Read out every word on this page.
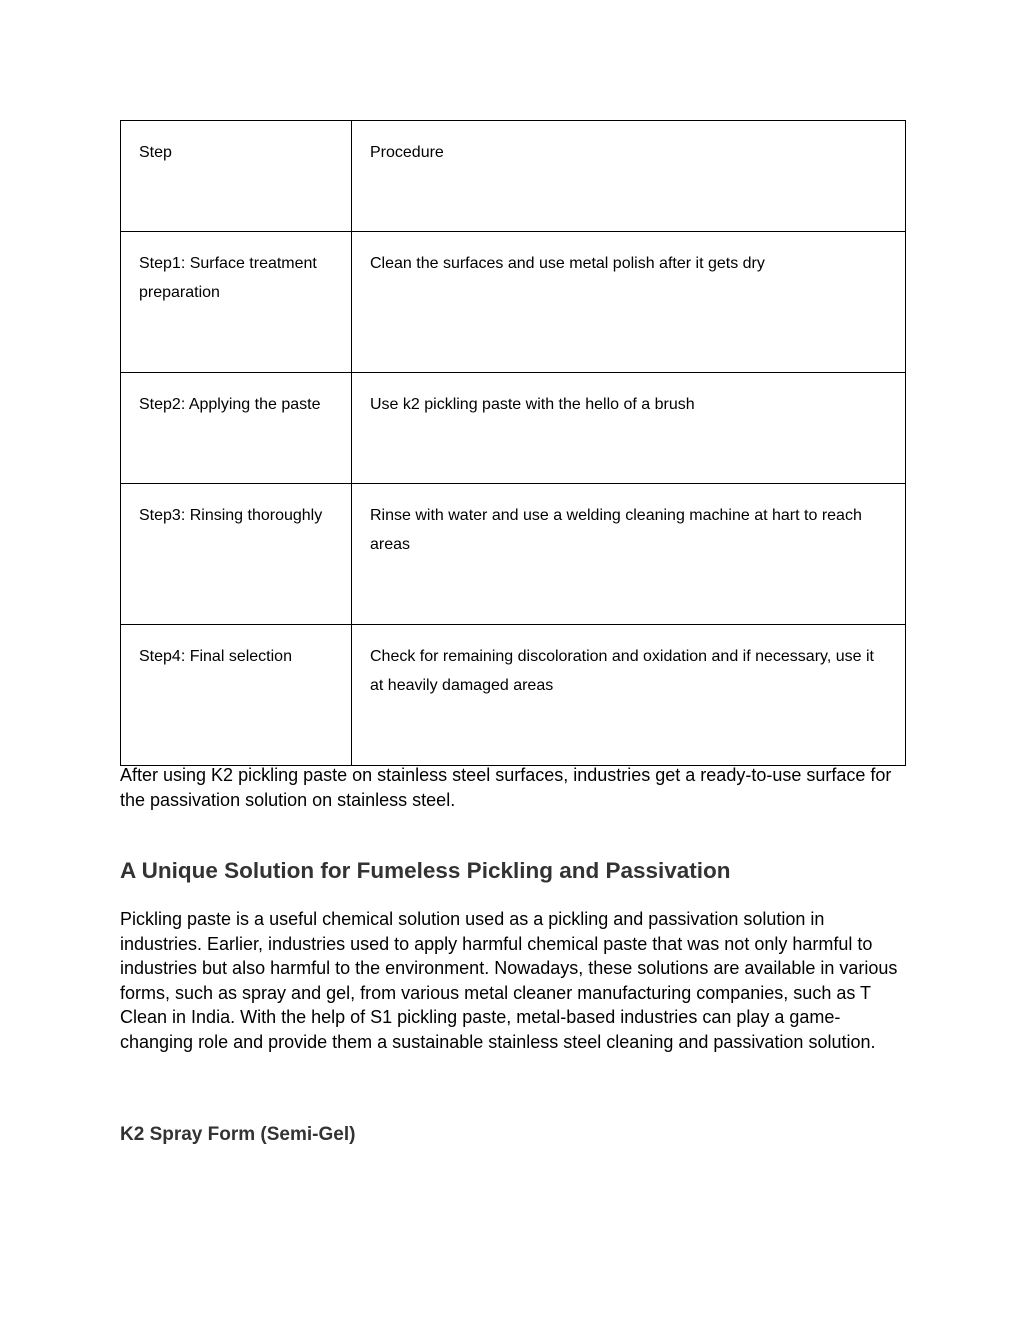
Step	Procedure
Step1: Surface treatment preparation	Clean the surfaces and use metal polish after it gets dry
Step2: Applying the paste	Use k2 pickling paste with the hello of a brush
Step3: Rinsing thoroughly	Rinse with water and use a welding cleaning machine at hart to reach areas
Step4: Final selection	Check for remaining discoloration and oxidation and if necessary, use it at heavily damaged areas

After using K2 pickling paste on stainless steel surfaces, industries get a ready-to-use surface for the passivation solution on stainless steel.

A Unique Solution for Fumeless Pickling and Passivation

Pickling paste is a useful chemical solution used as a pickling and passivation solution in industries. Earlier, industries used to apply harmful chemical paste that was not only harmful to industries but also harmful to the environment. Nowadays, these solutions are available in various forms, such as spray and gel, from various metal cleaner manufacturing companies, such as T Clean in India. With the help of S1 pickling paste, metal-based industries can play a game-changing role and provide them a sustainable stainless steel cleaning and passivation solution.

K2 Spray Form (Semi-Gel)
